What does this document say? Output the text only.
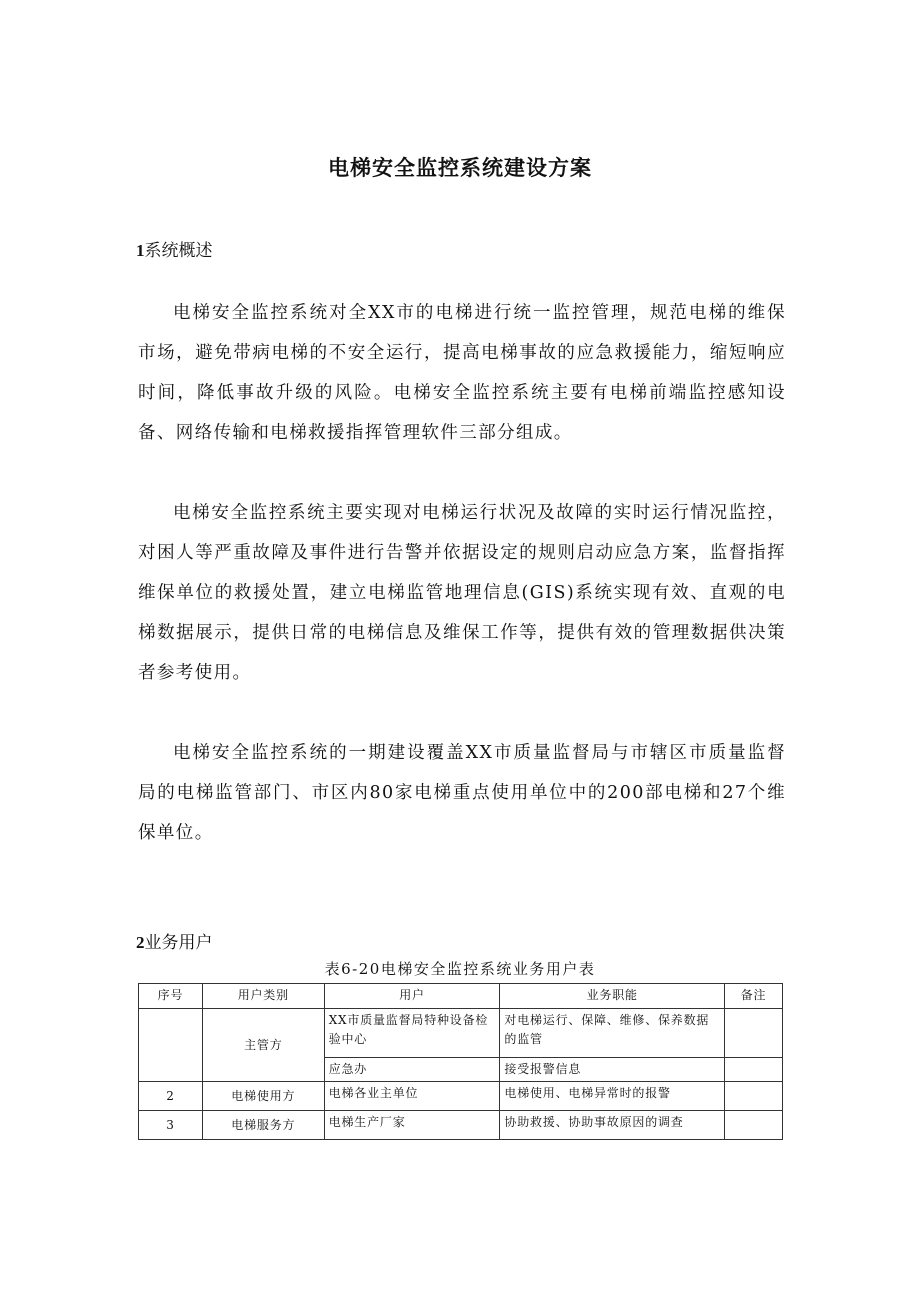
电梯安全监控系统建设方案
1系统概述

电梯安全监控系统对全XX市的电梯进行统一监控管理，规范电梯的维保市场，避免带病电梯的不安全运行，提高电梯事故的应急救援能力，缩短响应时间，降低事故升级的风险。电梯安全监控系统主要有电梯前端监控感知设备、网络传输和电梯救援指挥管理软件三部分组成。

电梯安全监控系统主要实现对电梯运行状况及故障的实时运行情况监控，对困人等严重故障及事件进行告警并依据设定的规则启动应急方案，监督指挥维保单位的救援处置，建立电梯监管地理信息(GIS)系统实现有效、直观的电梯数据展示，提供日常的电梯信息及维保工作等，提供有效的管理数据供决策者参考使用。

电梯安全监控系统的一期建设覆盖XX市质量监督局与市辖区市质量监督局的电梯监管部门、市区内80家电梯重点使用单位中的200部电梯和27个维保单位。

2业务用户
表6-20电梯安全监控系统业务用户表
序号	用户类别	用户	业务职能	备注
	主管方	XX市质量监督局特种设备检验中心	对电梯运行、保障、维修、保养数据的监管	
		应急办	接受报警信息	
2	电梯使用方	电梯各业主单位	电梯使用、电梯异常时的报警	
3	电梯服务方	电梯生产厂家	协助救援、协助事故原因的调查	
